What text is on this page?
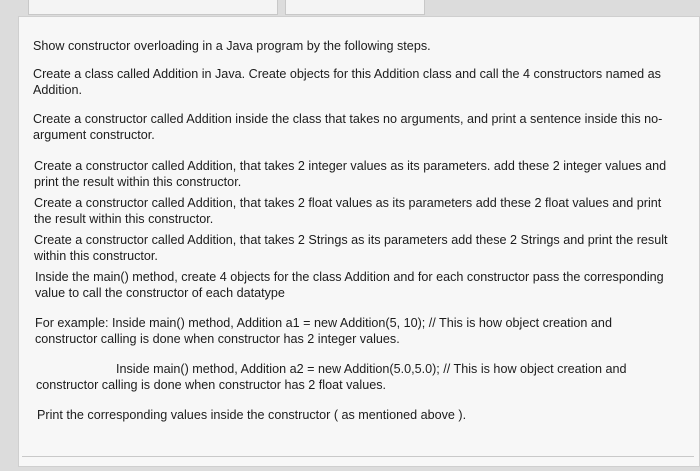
Show constructor overloading in a Java program by the following steps.

Create a class called Addition in Java. Create objects for this Addition class and call the 4 constructors named as Addition.

Create a constructor called Addition inside the class that takes no arguments, and print a sentence inside this no-argument constructor.

Create a constructor called Addition, that takes 2 integer values as its parameters. add these 2 integer values and print the result within this constructor.

Create a constructor called Addition, that takes 2 float values as its parameters add these 2 float values and print the result within this constructor.

Create a constructor called Addition, that takes 2 Strings as its parameters add these 2 Strings and print the result within this constructor.

Inside the main() method, create 4 objects for the class Addition and for each constructor pass the corresponding value to call the constructor of each datatype

For example: Inside main() method, Addition a1 = new Addition(5, 10); // This is how object creation and constructor calling is done when constructor has 2 integer values.

Inside main() method, Addition a2 = new Addition(5.0,5.0); // This is how object creation and constructor calling is done when constructor has 2 float values.

Print the corresponding values inside the constructor ( as mentioned above ).
